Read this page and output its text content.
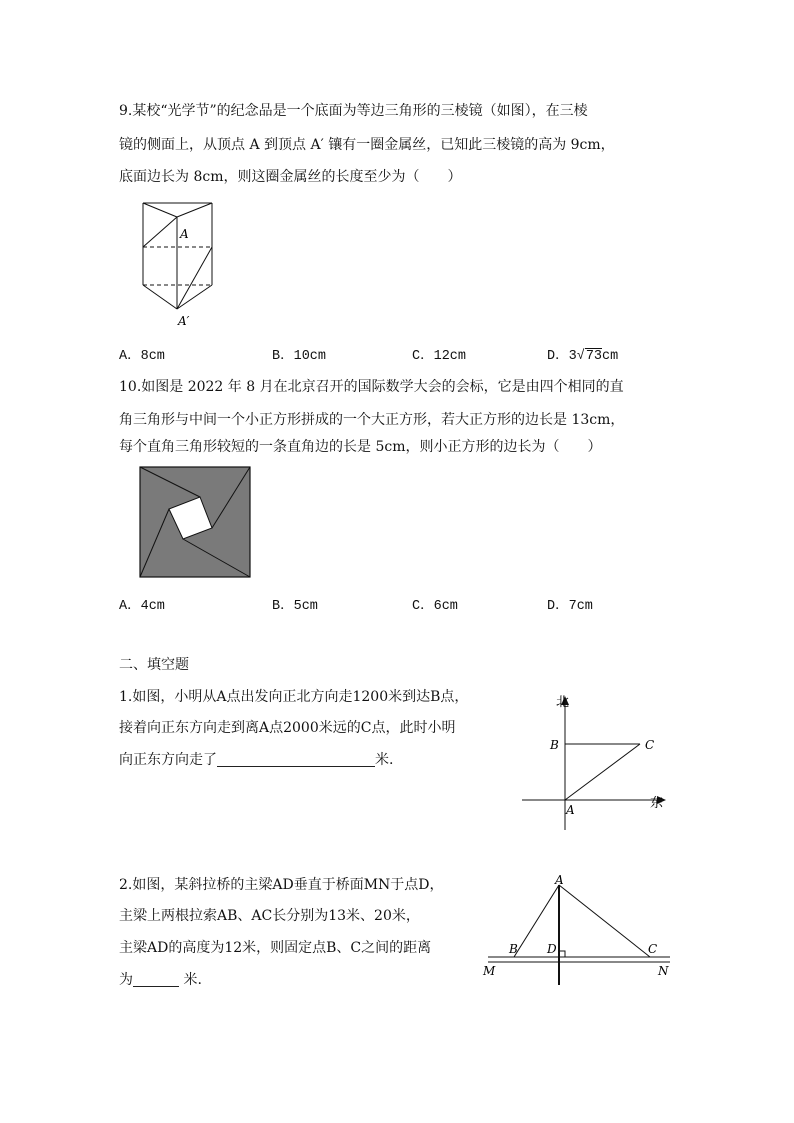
9.某校“光学节”的纪念品是一个底面为等边三角形的三棱镜（如图），在三棱
镜的侧面上，从顶点 A 到顶点 A′ 镶有一圈金属丝，已知此三棱镜的高为 9cm，
底面边长为 8cm，则这圈金属丝的长度至少为（　　）
A
A′
A．8cm	B．10cm	C．12cm	D．3√73cm
10.如图是 2022 年 8 月在北京召开的国际数学大会的会标，它是由四个相同的直
角三角形与中间一个小正方形拼成的一个大正方形，若大正方形的边长是 13cm，
每个直角三角形较短的一条直角边的长是 5cm，则小正方形的边长为（　　）
A．4cm	B．5cm	C．6cm	D．7cm
二、填空题
1.如图，小明从A点出发向正北方向走1200米到达B点，
接着向正东方向走到离A点2000米远的C点，此时小明
向正东方向走了	米.
北
东
B	C
A
2.如图，某斜拉桥的主梁AD垂直于桥面MN于点D，
主梁上两根拉索AB、AC长分别为13米、20米，
主梁AD的高度为12米，则固定点B、C之间的距离
为	米.
A
B D	C
M	N
